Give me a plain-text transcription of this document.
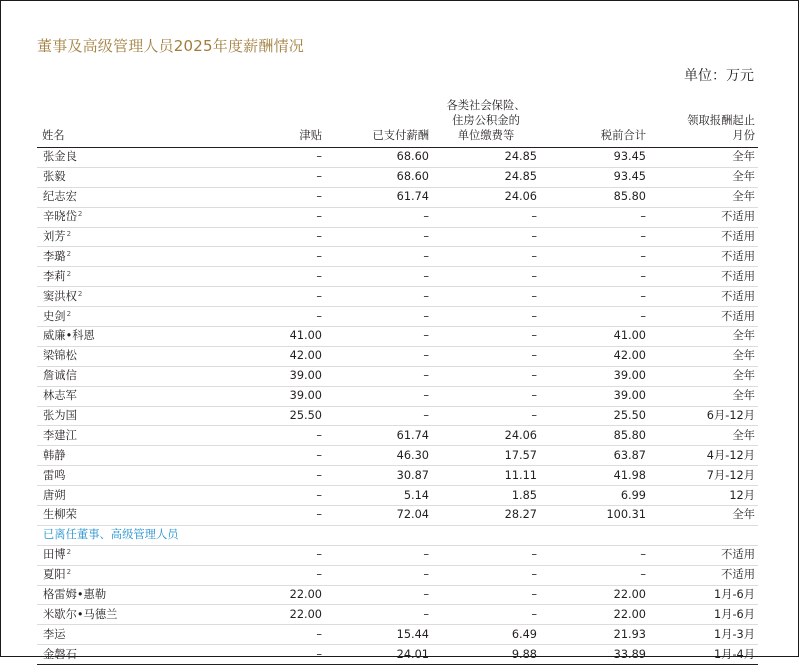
董事及高级管理人员2025年度薪酬情况
单位：万元
姓名	津贴	已支付薪酬	各类社会保险、
住房公积金的
单位缴费等	税前合计	领取报酬起止
月份
张金良	–	68.60	24.85	93.45	全年
张毅	–	68.60	24.85	93.45	全年
纪志宏	–	61.74	24.06	85.80	全年
辛晓岱$^2$	–	–	–	–	不适用
刘芳$^2$	–	–	–	–	不适用
李璐$^2$	–	–	–	–	不适用
李莉$^2$	–	–	–	–	不适用
窦洪权$^2$	–	–	–	–	不适用
史剑$^2$	–	–	–	–	不适用
威廉•科恩	41.00	–	–	41.00	全年
梁锦松	42.00	–	–	42.00	全年
詹诚信	39.00	–	–	39.00	全年
林志军	39.00	–	–	39.00	全年
张为国	25.50	–	–	25.50	6月-12月
李建江	–	61.74	24.06	85.80	全年
韩静	–	46.30	17.57	63.87	4月-12月
雷鸣	–	30.87	11.11	41.98	7月-12月
唐朔	–	5.14	1.85	6.99	12月
生柳荣	–	72.04	28.27	100.31	全年
已离任董事、高级管理人员					
田博$^2$	–	–	–	–	不适用
夏阳$^2$	–	–	–	–	不适用
格雷姆•惠勒	22.00	–	–	22.00	1月-6月
米歇尔•马德兰	22.00	–	–	22.00	1月-6月
李运	–	15.44	6.49	21.93	1月-3月
金磐石	–	24.01	9.88	33.89	1月-4月
